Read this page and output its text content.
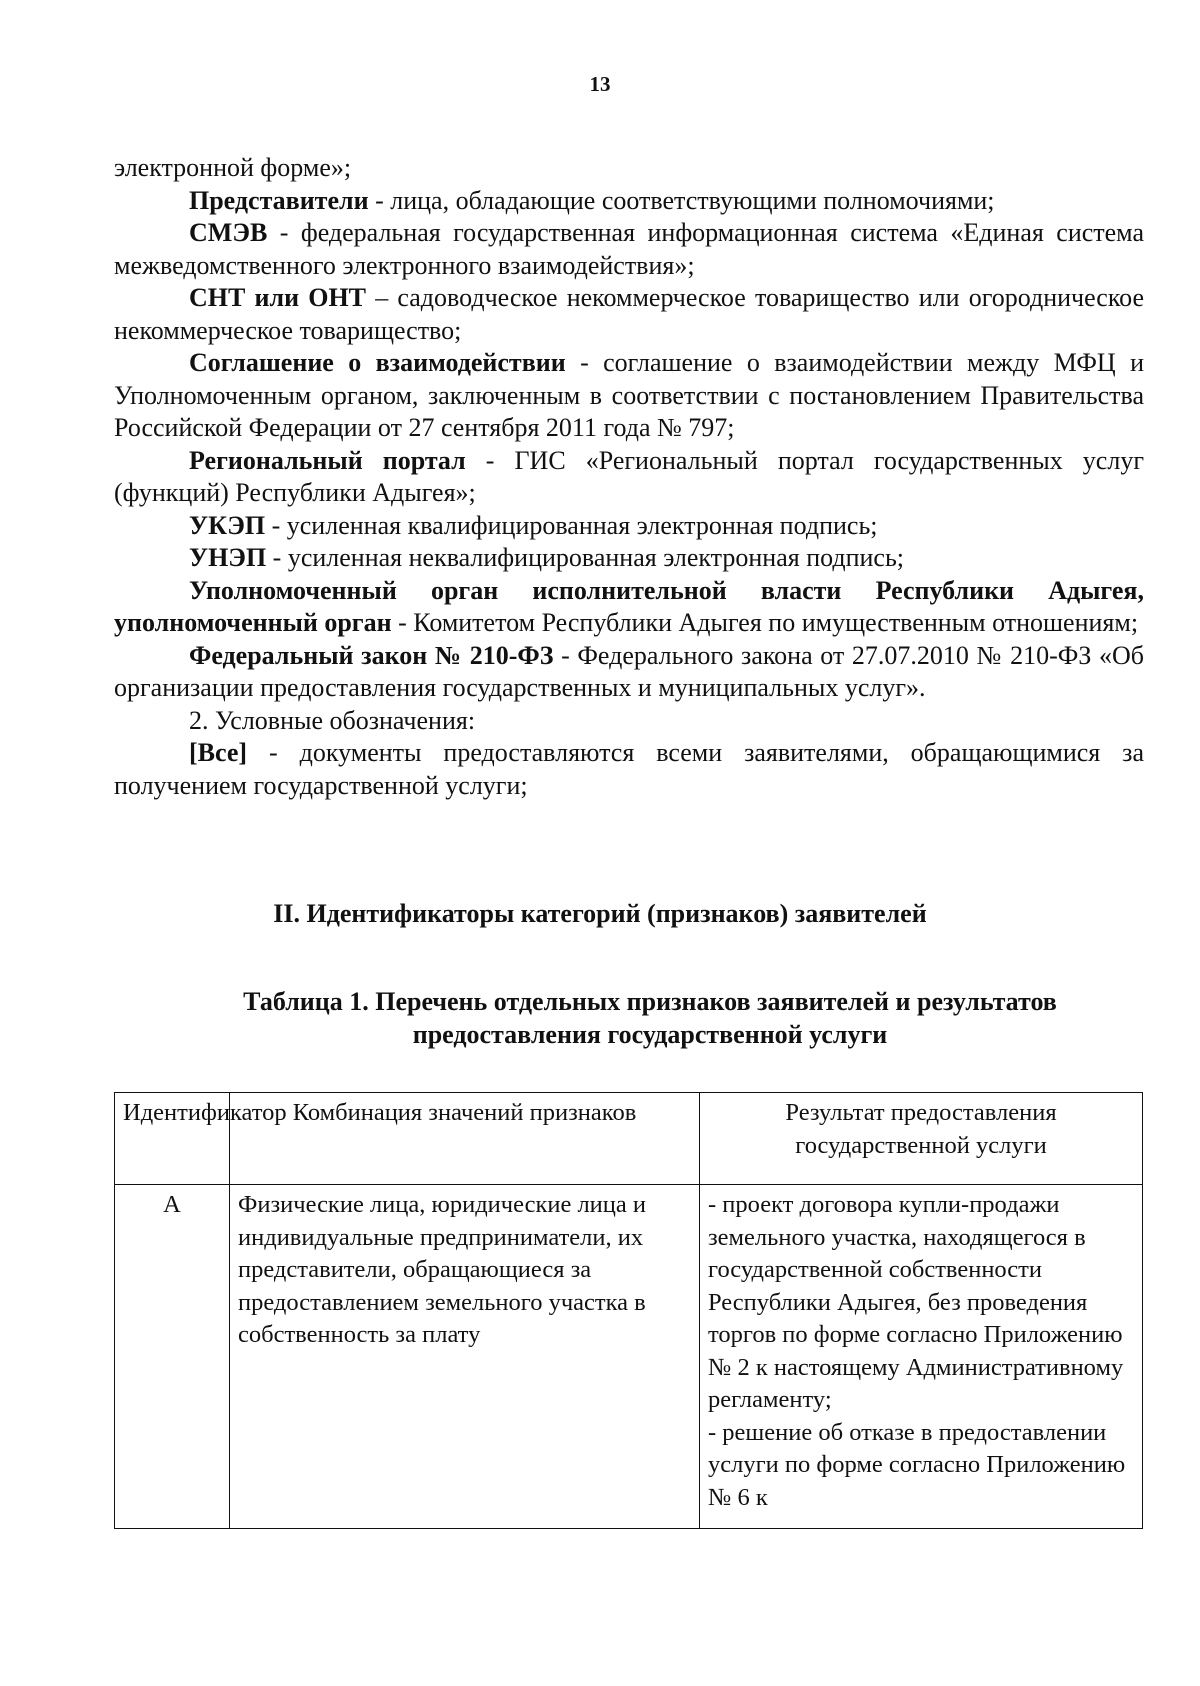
13

электронной форме»;

Представители - лица, обладающие соответствующими полномочиями;

СМЭВ - федеральная государственная информационная система «Единая система межведомственного электронного взаимодействия»;

СНТ или ОНТ – садоводческое некоммерческое товарищество или огородническое некоммерческое товарищество;

Соглашение о взаимодействии - соглашение о взаимодействии между МФЦ и Уполномоченным органом, заключенным в соответствии с постановлением Правительства Российской Федерации от 27 сентября 2011 года № 797;

Региональный портал - ГИС «Региональный портал государственных услуг (функций) Республики Адыгея»;

УКЭП - усиленная квалифицированная электронная подпись;

УНЭП - усиленная неквалифицированная электронная подпись;

Уполномоченный орган исполнительной власти Республики Адыгея, уполномоченный орган - Комитетом Республики Адыгея по имущественным отношениям;

Федеральный закон № 210-ФЗ - Федерального закона от 27.07.2010 № 210-ФЗ «Об организации предоставления государственных и муниципальных услуг».

2. Условные обозначения:

[Все] - документы предоставляются всеми заявителями, обращающимися за получением государственной услуги;

II. Идентификаторы категорий (признаков) заявителей
Таблица 1. Перечень отдельных признаков заявителей и результатов
предоставления государственной услуги
Идентификатор	Комбинация значений признаков	Результат предоставления государственной услуги
А	Физические лица, юридические лица и индивидуальные предприниматели, их представители, обращающиеся за предоставлением земельного участка в собственность за плату	- проект договора купли-продажи земельного участка, находящегося в государственной собственности Республики Адыгея, без проведения торгов по форме согласно Приложению № 2 к настоящему Административному регламенту;
- решение об отказе в предоставлении услуги по форме согласно Приложению № 6 к
